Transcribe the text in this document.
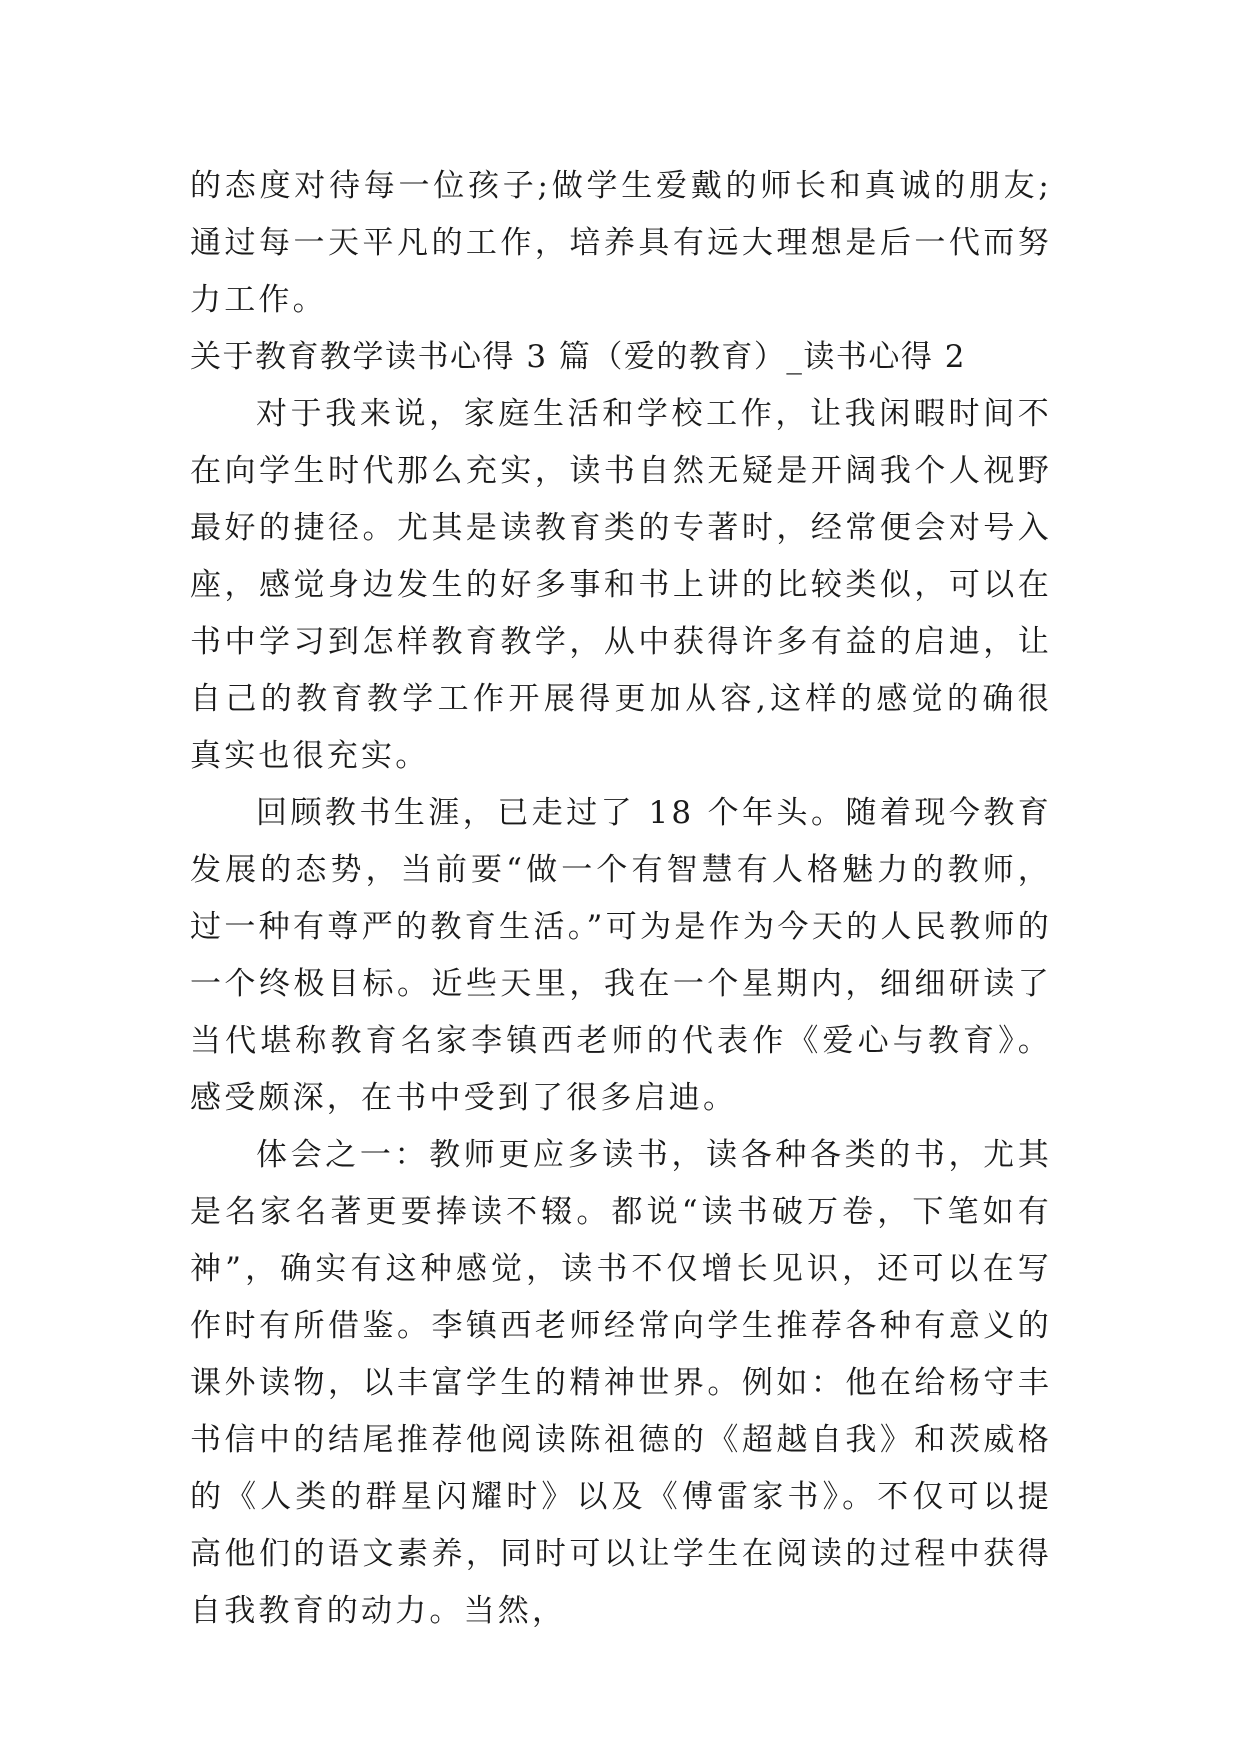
的态度对待每一位孩子;做学生爱戴的师长和真诚的朋友;通过每一天平凡的工作，培养具有远大理想是后一代而努力工作。

关于教育教学读书心得 3 篇（爱的教育）_读书心得 2

对于我来说，家庭生活和学校工作，让我闲暇时间不在向学生时代那么充实，读书自然无疑是开阔我个人视野最好的捷径。尤其是读教育类的专著时，经常便会对号入座，感觉身边发生的好多事和书上讲的比较类似，可以在书中学习到怎样教育教学，从中获得许多有益的启迪，让自己的教育教学工作开展得更加从容,这样的感觉的确很真实也很充实。

回顾教书生涯，已走过了 18 个年头。随着现今教育发展的态势，当前要“做一个有智慧有人格魅力的教师，过一种有尊严的教育生活。”可为是作为今天的人民教师的一个终极目标。近些天里，我在一个星期内，细细研读了当代堪称教育名家李镇西老师的代表作《爱心与教育》。感受颇深，在书中受到了很多启迪。

体会之一：教师更应多读书，读各种各类的书，尤其是名家名著更要捧读不辍。都说“读书破万卷，下笔如有神”，确实有这种感觉，读书不仅增长见识，还可以在写作时有所借鉴。李镇西老师经常向学生推荐各种有意义的课外读物，以丰富学生的精神世界。例如：他在给杨守丰书信中的结尾推荐他阅读陈祖德的《超越自我》和茨威格的《人类的群星闪耀时》以及《傅雷家书》。不仅可以提高他们的语文素养，同时可以让学生在阅读的过程中获得自我教育的动力。当然，
